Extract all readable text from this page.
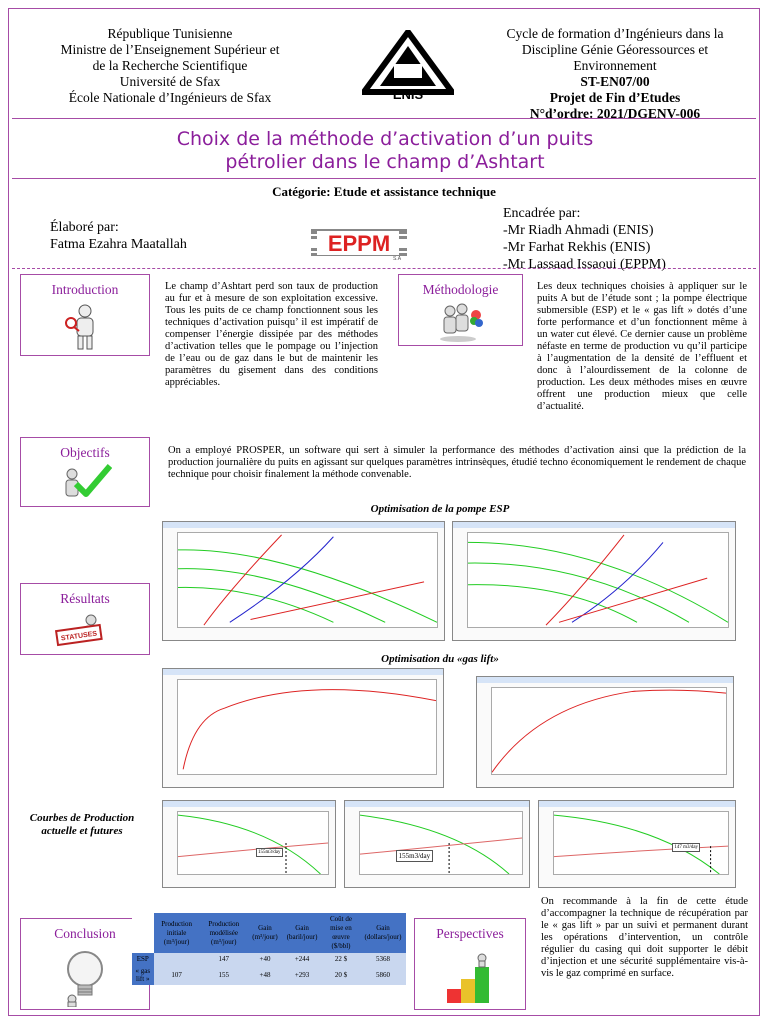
République Tunisienne
Ministre de l’Enseignement Supérieur et
de la Recherche Scientifique
Université de Sfax
École Nationale d’Ingénieurs de Sfax	ENIS
Cycle de formation d’Ingénieurs dans la
Discipline Génie Géoressources et
Environnement
ST-EN07/00
Projet de Fin d’Etudes
N°d’ordre: 2021/DGENV-006
Choix de la méthode d’activation d’un puits
pétrolier dans le champ d’Ashtart
Catégorie: Etude et assistance technique
Élaboré par:
Fatma Ezahra Maatallah	EPPM
S.A
Encadrée par:
-Mr Riadh Ahmadi (ENIS)
-Mr Farhat Rekhis (ENIS)
-Mr Lassaad Issaoui (EPPM)
Introduction	Le champ d’Ashtart perd son taux de production au fur et à mesure de son exploitation excessive. Tous les puits de ce champ fonctionnent sous les techniques d’activation puisqu’ il est impératif de compenser l’énergie dissipée par des méthodes d’activation telles que le pompage ou l’injection de l’eau ou de gaz dans le but de maintenir les paramètres du gisement dans des conditions appréciables.
Méthodologie	Les deux techniques choisies à appliquer sur le puits A but de l’étude sont ; la pompe électrique submersible (ESP) et le « gas lift » dotés d’une forte performance et d’un fonctionnent même à un water cut élevé. Ce dernier cause un problème néfaste en terme de production vu qu’il participe à l’augmentation de la densité de l’effluent et donc à l’alourdissement de la colonne de production. Les deux méthodes mises en œuvre offrent une production mieux que celle d’actualité.
Objectifs	On a employé PROSPER, un software qui sert à simuler la performance des méthodes d’activation ainsi que la prédiction de la production journalière du puits en agissant sur quelques paramètres intrinsèques, étudié techno économiquement le rendement de chaque technique pour choisir finalement la méthode convenable.
Résultats
STATUSES
Optimisation de la pompe ESP
Optimisation du «gas lift»
Courbes de Production actuelle et futures
155m3/day	155m3/day
147 m3/day
Conclusion
	Production initiale (m³/jour)	Production modélisée (m³/jour)	Gain (m³/jour)	Gain (baril/jour)	Coût de mise en œuvre ($/bbl)	Gain (dollars/jour)
ESP		147	+40	+244	22 $	5368
« gas lift »	107	155	+48	+293	20 $	5860
Perspectives
On recommande à la fin de cette étude d’accompagner la technique de récupération par le « gas lift » par un suivi et permanent durant les opérations d’intervention, un contrôle régulier du casing qui doit supporter le débit d’injection et une sécurité supplémentaire vis-à-vis le gaz comprimé en surface.
